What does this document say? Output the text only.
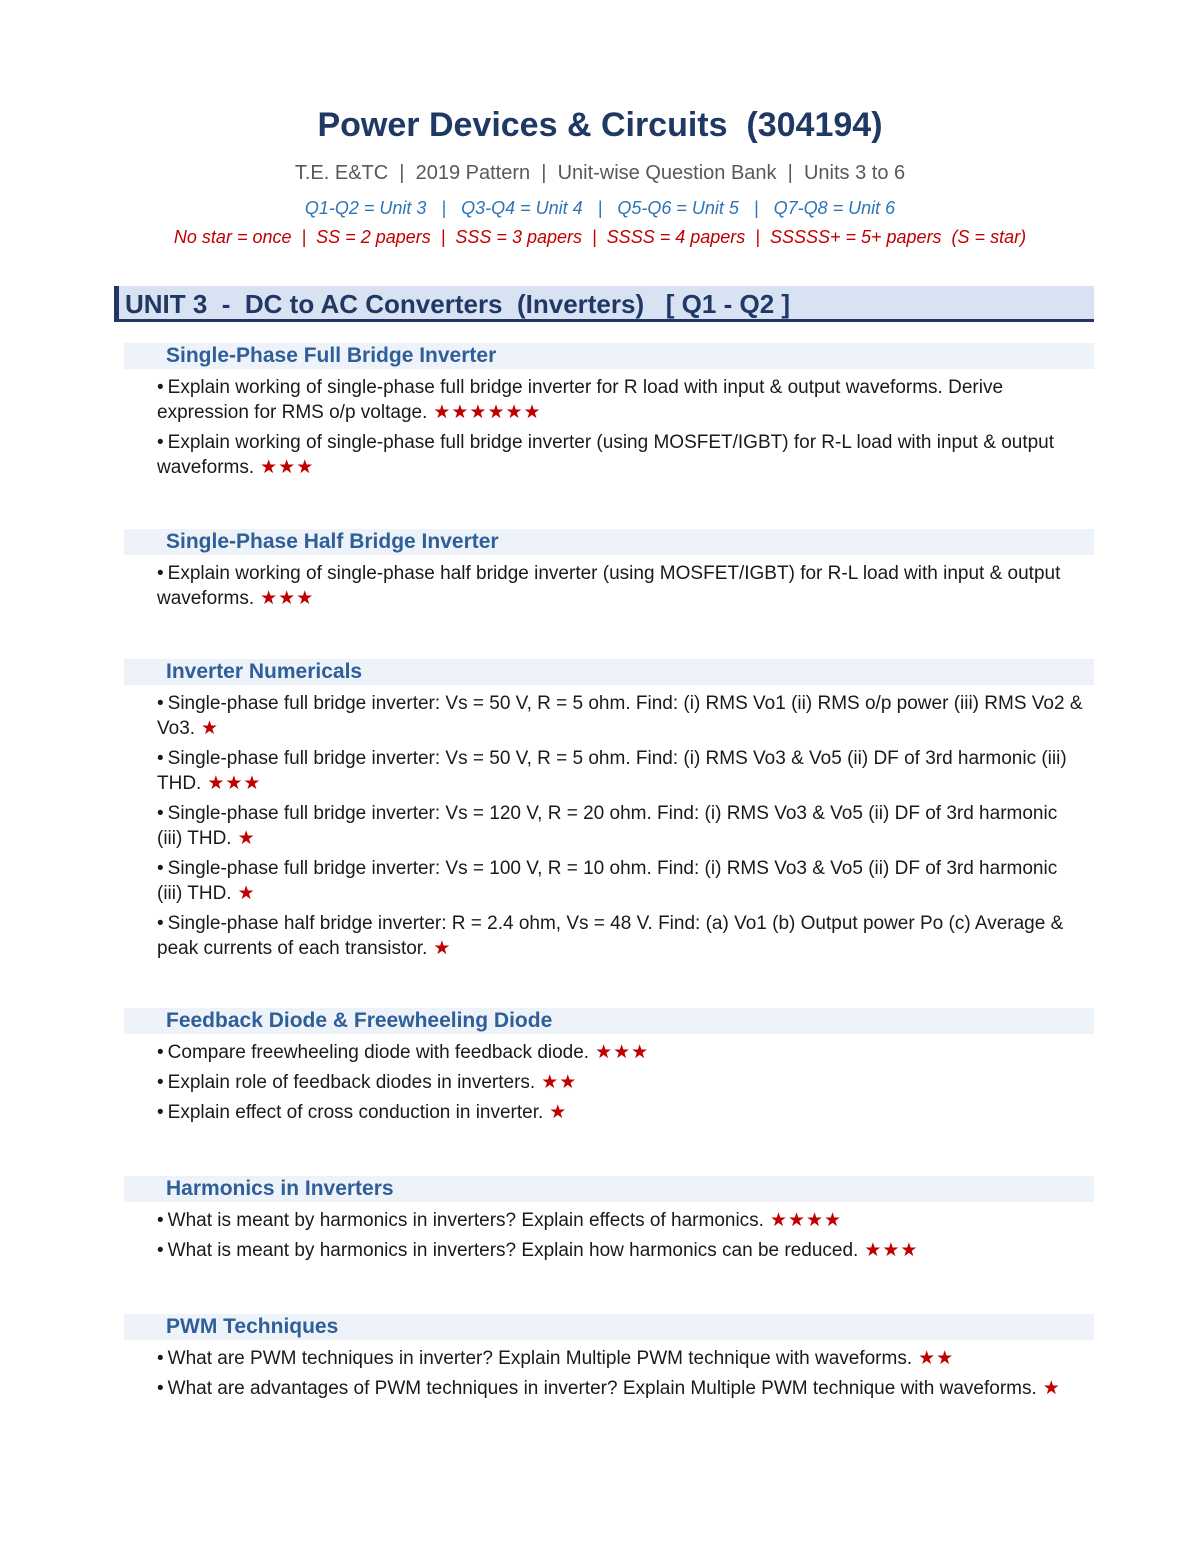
Power Devices & Circuits  (304194)
T.E. E&TC  |  2019 Pattern  |  Unit-wise Question Bank  |  Units 3 to 6
Q1-Q2 = Unit 3   |   Q3-Q4 = Unit 4   |   Q5-Q6 = Unit 5   |   Q7-Q8 = Unit 6
No star = once  |  SS = 2 papers  |  SSS = 3 papers  |  SSSS = 4 papers  |  SSSSS+ = 5+ papers  (S = star)
UNIT 3  -  DC to AC Converters  (Inverters)   [ Q1 - Q2 ]
Single-Phase Full Bridge Inverter
• Explain working of single-phase full bridge inverter for R load with input & output waveforms. Derive expression for RMS o/p voltage. ★★★★★★
• Explain working of single-phase full bridge inverter (using MOSFET/IGBT) for R-L load with input & output waveforms. ★★★
Single-Phase Half Bridge Inverter
• Explain working of single-phase half bridge inverter (using MOSFET/IGBT) for R-L load with input & output waveforms. ★★★
Inverter Numericals
• Single-phase full bridge inverter: Vs = 50 V, R = 5 ohm. Find: (i) RMS Vo1 (ii) RMS o/p power (iii) RMS Vo2 & Vo3. ★
• Single-phase full bridge inverter: Vs = 50 V, R = 5 ohm. Find: (i) RMS Vo3 & Vo5 (ii) DF of 3rd harmonic (iii) THD. ★★★
• Single-phase full bridge inverter: Vs = 120 V, R = 20 ohm. Find: (i) RMS Vo3 & Vo5 (ii) DF of 3rd harmonic (iii) THD. ★
• Single-phase full bridge inverter: Vs = 100 V, R = 10 ohm. Find: (i) RMS Vo3 & Vo5 (ii) DF of 3rd harmonic (iii) THD. ★
• Single-phase half bridge inverter: R = 2.4 ohm, Vs = 48 V. Find: (a) Vo1 (b) Output power Po (c) Average & peak currents of each transistor. ★
Feedback Diode & Freewheeling Diode
• Compare freewheeling diode with feedback diode. ★★★
• Explain role of feedback diodes in inverters. ★★
• Explain effect of cross conduction in inverter. ★
Harmonics in Inverters
• What is meant by harmonics in inverters? Explain effects of harmonics. ★★★★
• What is meant by harmonics in inverters? Explain how harmonics can be reduced. ★★★
PWM Techniques
• What are PWM techniques in inverter? Explain Multiple PWM technique with waveforms. ★★
• What are advantages of PWM techniques in inverter? Explain Multiple PWM technique with waveforms. ★
